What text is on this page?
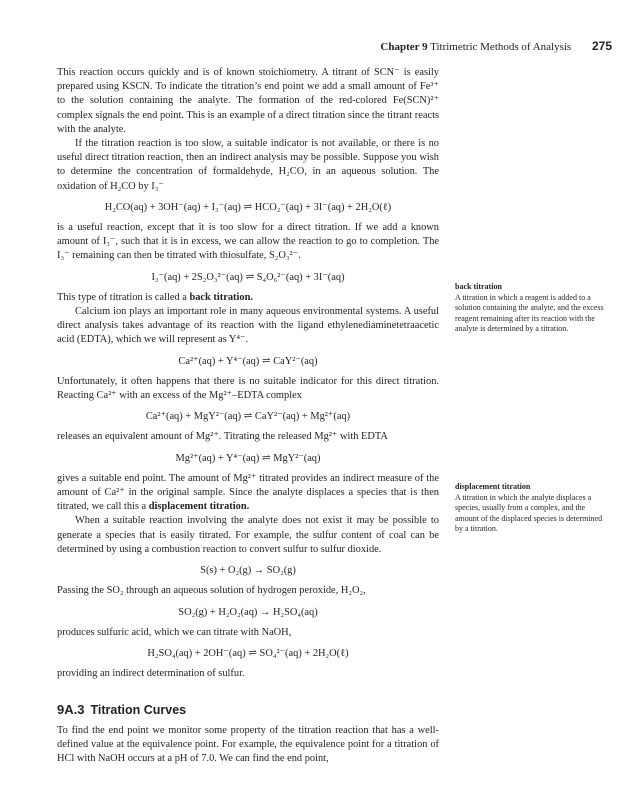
Chapter 9 Titrimetric Methods of Analysis 275

This reaction occurs quickly and is of known stoichiometry. A titrant of SCN⁻ is easily prepared using KSCN. To indicate the titration’s end point we add a small amount of Fe³⁺ to the solution containing the analyte. The formation of the red-colored Fe(SCN)²⁺ complex signals the end point. This is an example of a direct titration since the titrant reacts with the analyte.

If the titration reaction is too slow, a suitable indicator is not available, or there is no useful direct titration reaction, then an indirect analysis may be possible. Suppose you wish to determine the concentration of formaldehyde, H₂CO, in an aqueous solution. The oxidation of H₂CO by I₃⁻

H₂CO(aq) + 3OH⁻(aq) + I₃⁻(aq) ⇌ HCO₂⁻(aq) + 3I⁻(aq) + 2H₂O(ℓ)

is a useful reaction, except that it is too slow for a direct titration. If we add a known amount of I₃⁻, such that it is in excess, we can allow the reaction to go to completion. The I₃⁻ remaining can then be titrated with thiosulfate, S₂O₃²⁻.

I₃⁻(aq) + 2S₂O₃²⁻(aq) ⇌ S₄O₆²⁻(aq) + 3I⁻(aq)

This type of titration is called a back titration.

Calcium ion plays an important role in many aqueous environmental systems. A useful direct analysis takes advantage of its reaction with the ligand ethylenediaminetetraacetic acid (EDTA), which we will represent as Y⁴⁻.

Ca²⁺(aq) + Y⁴⁻(aq) ⇌ CaY²⁻(aq)

Unfortunately, it often happens that there is no suitable indicator for this direct titration. Reacting Ca²⁺ with an excess of the Mg²⁺–EDTA complex

Ca²⁺(aq) + MgY²⁻(aq) ⇌ CaY²⁻(aq) + Mg²⁺(aq)

releases an equivalent amount of Mg²⁺. Titrating the released Mg²⁺ with EDTA

Mg²⁺(aq) + Y⁴⁻(aq) ⇌ MgY²⁻(aq)

gives a suitable end point. The amount of Mg²⁺ titrated provides an indirect measure of the amount of Ca²⁺ in the original sample. Since the analyte displaces a species that is then titrated, we call this a displacement titration.

When a suitable reaction involving the analyte does not exist it may be possible to generate a species that is easily titrated. For example, the sulfur content of coal can be determined by using a combustion reaction to convert sulfur to sulfur dioxide.

S(s) + O₂(g) → SO₂(g)

Passing the SO₂ through an aqueous solution of hydrogen peroxide, H₂O₂,

SO₂(g) + H₂O₂(aq) → H₂SO₄(aq)

produces sulfuric acid, which we can titrate with NaOH,

H₂SO₄(aq) + 2OH⁻(aq) ⇌ SO₄²⁻(aq) + 2H₂O(ℓ)

providing an indirect determination of sulfur.

9A.3 Titration Curves

To find the end point we monitor some property of the titration reaction that has a well-defined value at the equivalence point. For example, the equivalence point for a titration of HCl with NaOH occurs at a pH of 7.0. We can find the end point,

back titration
A titration in which a reagent is added to a solution containing the analyte, and the excess reagent remaining after its reaction with the analyte is determined by a titration.
displacement titration
A titration in which the analyte displaces a species, usually from a complex, and the amount of the displaced species is determined by a titration.
